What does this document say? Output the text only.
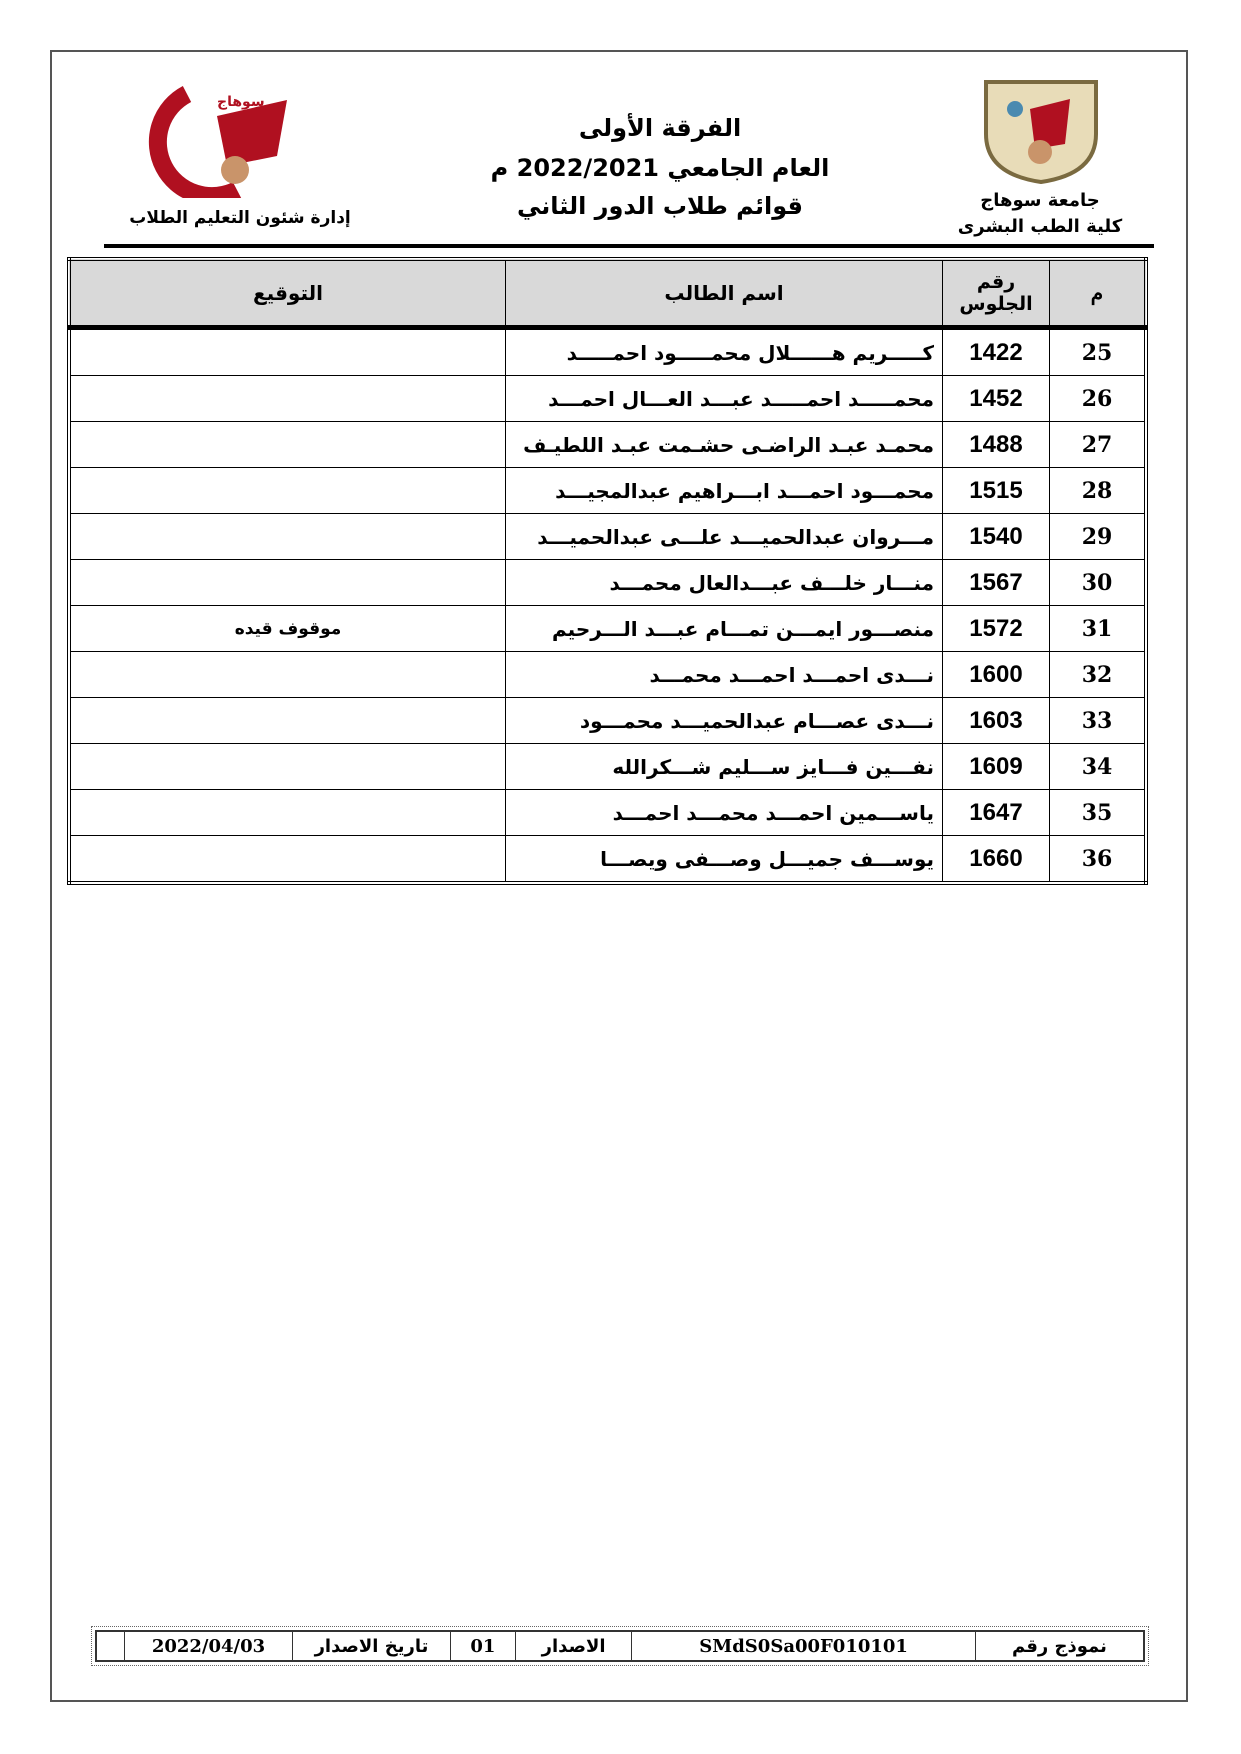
سوهاج
جامعة سوهاج
كلية الطب البشرى
إدارة شئون التعليم الطلاب
الفرقة الأولى
العام الجامعي 2022/2021 م
قوائم طلاب الدور الثاني
م	رقم الجلوس	اسم الطالب	التوقيع
25	1422	كـــــريم هــــــلال محمـــــود احمـــــد	
26	1452	محمـــــد احمـــــد عبـــد العـــال احمـــد	
27	1488	محمـد عبـد الراضـى حشـمت عبـد اللطيـف	
28	1515	محمـــود احمـــد ابـــراهيم عبدالمجيـــد	
29	1540	مـــروان عبدالحميـــد علـــى عبدالحميـــد	
30	1567	منـــار خلـــف عبـــدالعال محمـــد	
31	1572	منصـــور ايمـــن تمـــام عبـــد الـــرحيم	موقوف قيده
32	1600	نـــدى احمـــد احمـــد محمـــد	
33	1603	نـــدى عصـــام عبدالحميـــد محمـــود	
34	1609	نفـــين فـــايز ســـليم شـــكرالله	
35	1647	ياســـمين احمـــد محمـــد احمـــد	
36	1660	يوســـف جميـــل وصـــفى ويصـــا	
نموذج رقم	SMdS0Sa00F010101	الاصدار	01	تاريخ الاصدار	2022/04/03	
